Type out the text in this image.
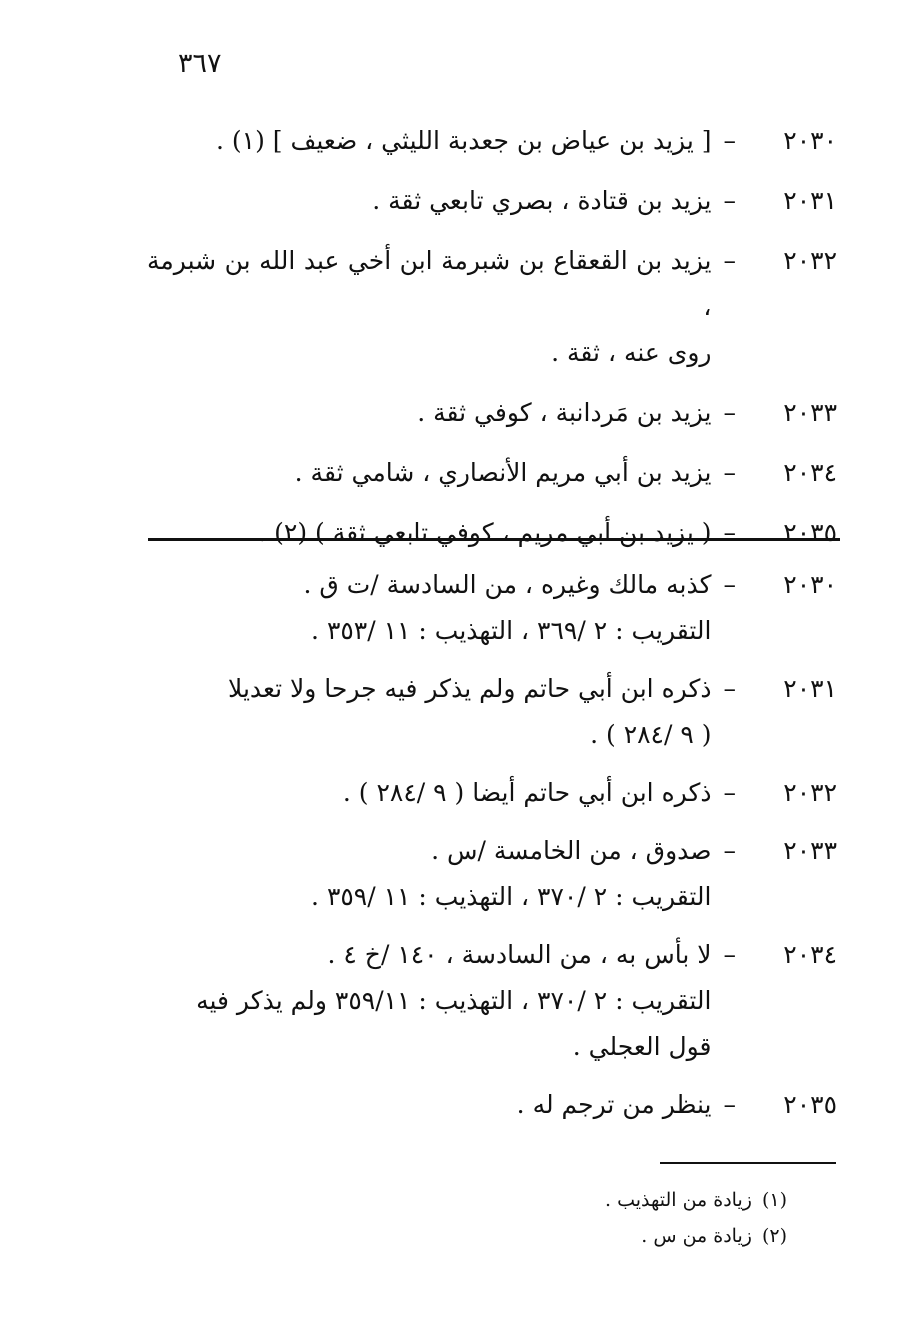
٣٦٧
٢٠٣٠
–
[ يزيد بن عياض بن جعدبة الليثي ، ضعيف ] (١) .
٢٠٣١
–
يزيد بن قتادة ، بصري تابعي ثقة .
٢٠٣٢
–
يزيد بن القعقاع بن شبرمة ابن أخي عبد الله بن شبرمة ،
روى عنه ، ثقة .
٢٠٣٣
–
يزيد بن مَردانبة ، كوفي ثقة .
٢٠٣٤
–
يزيد بن أبي مريم الأنصاري ، شامي ثقة .
٢٠٣٥
–
( يزيد بن أبي مريم ، كوفي تابعي ثقة ) (٢) .
٢٠٣٠
–
كذبه مالك وغيره ، من السادسة /ت ق .
التقريب : ٢ /٣٦٩ ، التهذيب : ١١ /٣٥٣ .
٢٠٣١
–
ذكره ابن أبي حاتم ولم يذكر فيه جرحا ولا تعديلا
( ٩ /٢٨٤ ) .
٢٠٣٢
–
ذكره ابن أبي حاتم أيضا ( ٩ /٢٨٤ ) .
٢٠٣٣
–
صدوق ، من الخامسة /س .
التقريب : ٢ /٣٧٠ ، التهذيب : ١١ /٣٥٩ .
٢٠٣٤
–
لا بأس به ، من السادسة ، ١٤٠ /خ ٤ .
التقريب : ٢ /٣٧٠ ، التهذيب : ٣٥٩/١١ ولم يذكر فيه
قول العجلي .
٢٠٣٥
–
ينظر من ترجم له .
(١)
زيادة من التهذيب .
(٢)
زيادة من س .
